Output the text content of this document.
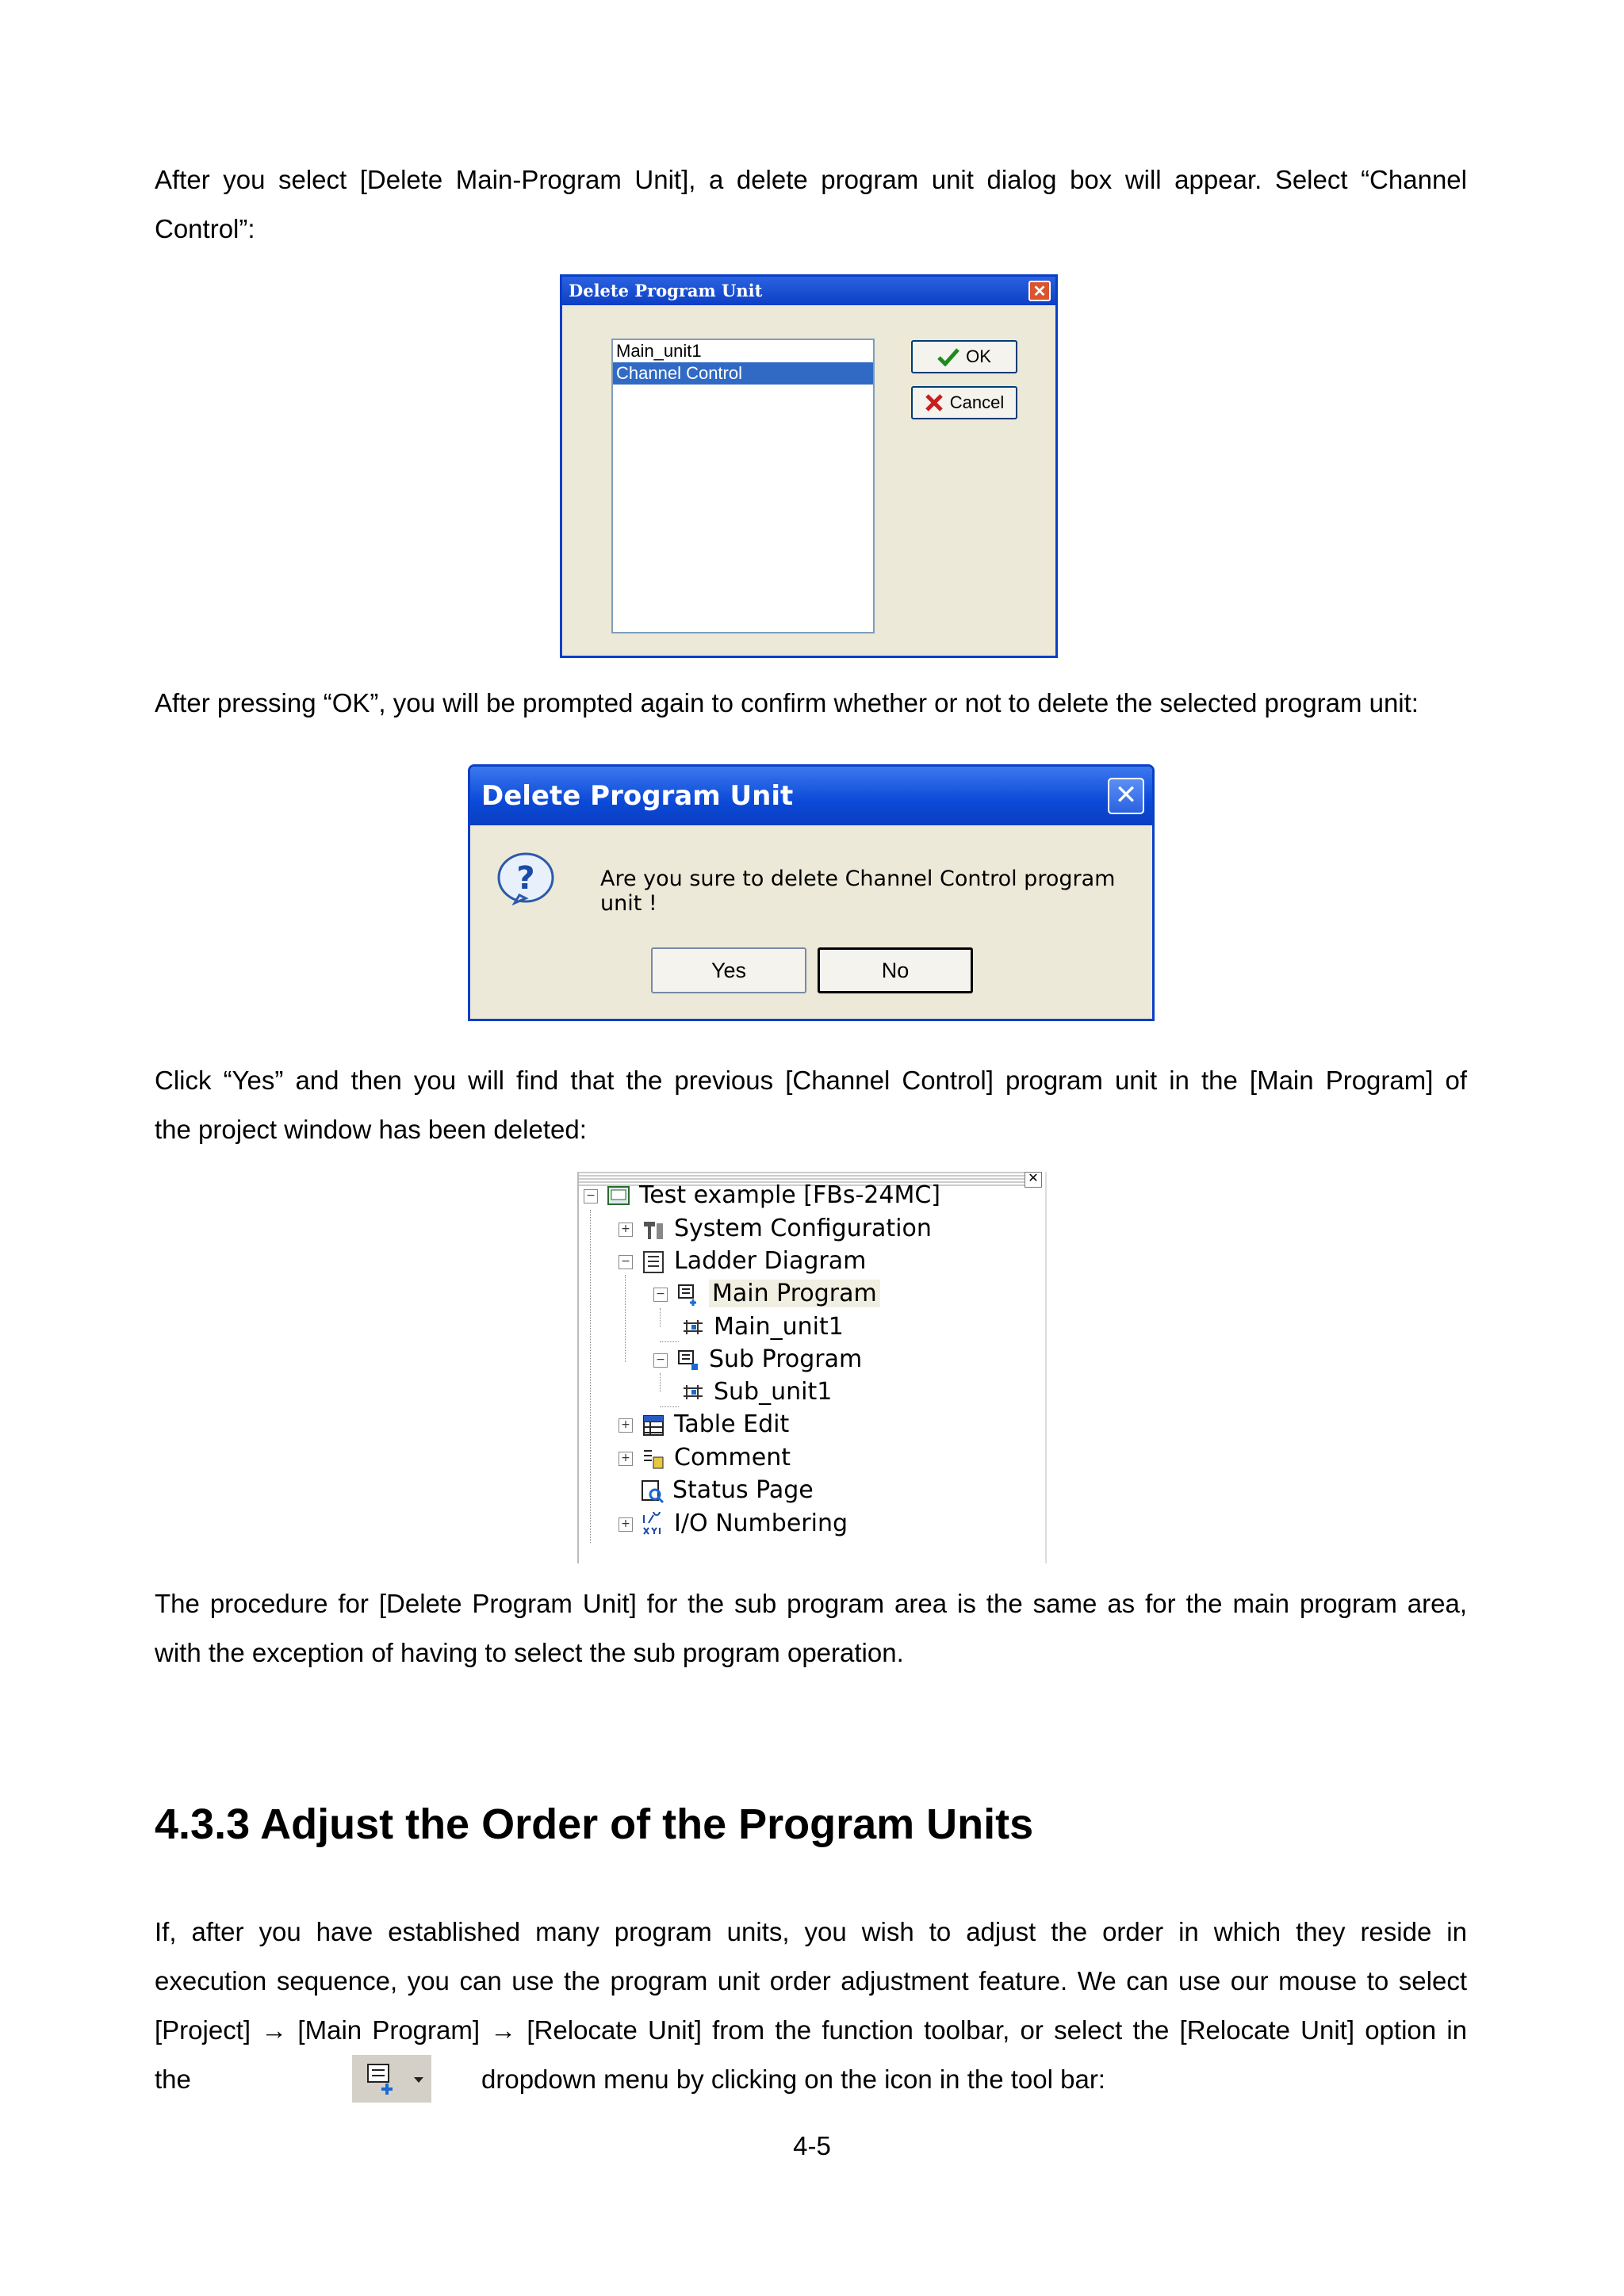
After you select [Delete Main-Program Unit], a delete program unit dialog box will appear. Select “Channel
Control”:
Delete Program Unit	✕
Main_unit1
Channel Control
OK
Cancel
After pressing “OK”, you will be prompted again to confirm whether or not to delete the selected program unit:
Delete Program Unit	✕
?	Are you sure to delete Channel Control program unit !
Yes	No
Click “Yes” and then you will find that the previous [Channel Control] program unit in the [Main Program] of
the project window has been deleted:
✕
− Test example [FBs-24MC]
+ System Configuration
− Ladder Diagram
− Main Program
Main_unit1
− Sub Program
Sub_unit1
+ Table Edit
+ Comment
Status Page
+ I/O Numbering
The procedure for [Delete Program Unit] for the sub program area is the same as for the main program area,
with the exception of having to select the sub program operation.
4.3.3 Adjust the Order of the Program Units
If, after you have established many program units, you wish to adjust the order in which they reside in
execution sequence, you can use the program unit order adjustment feature. We can use our mouse to select
[Project] → [Main Program] → [Relocate Unit] from the function toolbar, or select the [Relocate Unit] option in
the	dropdown menu by clicking on the icon in the tool bar:
4-5
